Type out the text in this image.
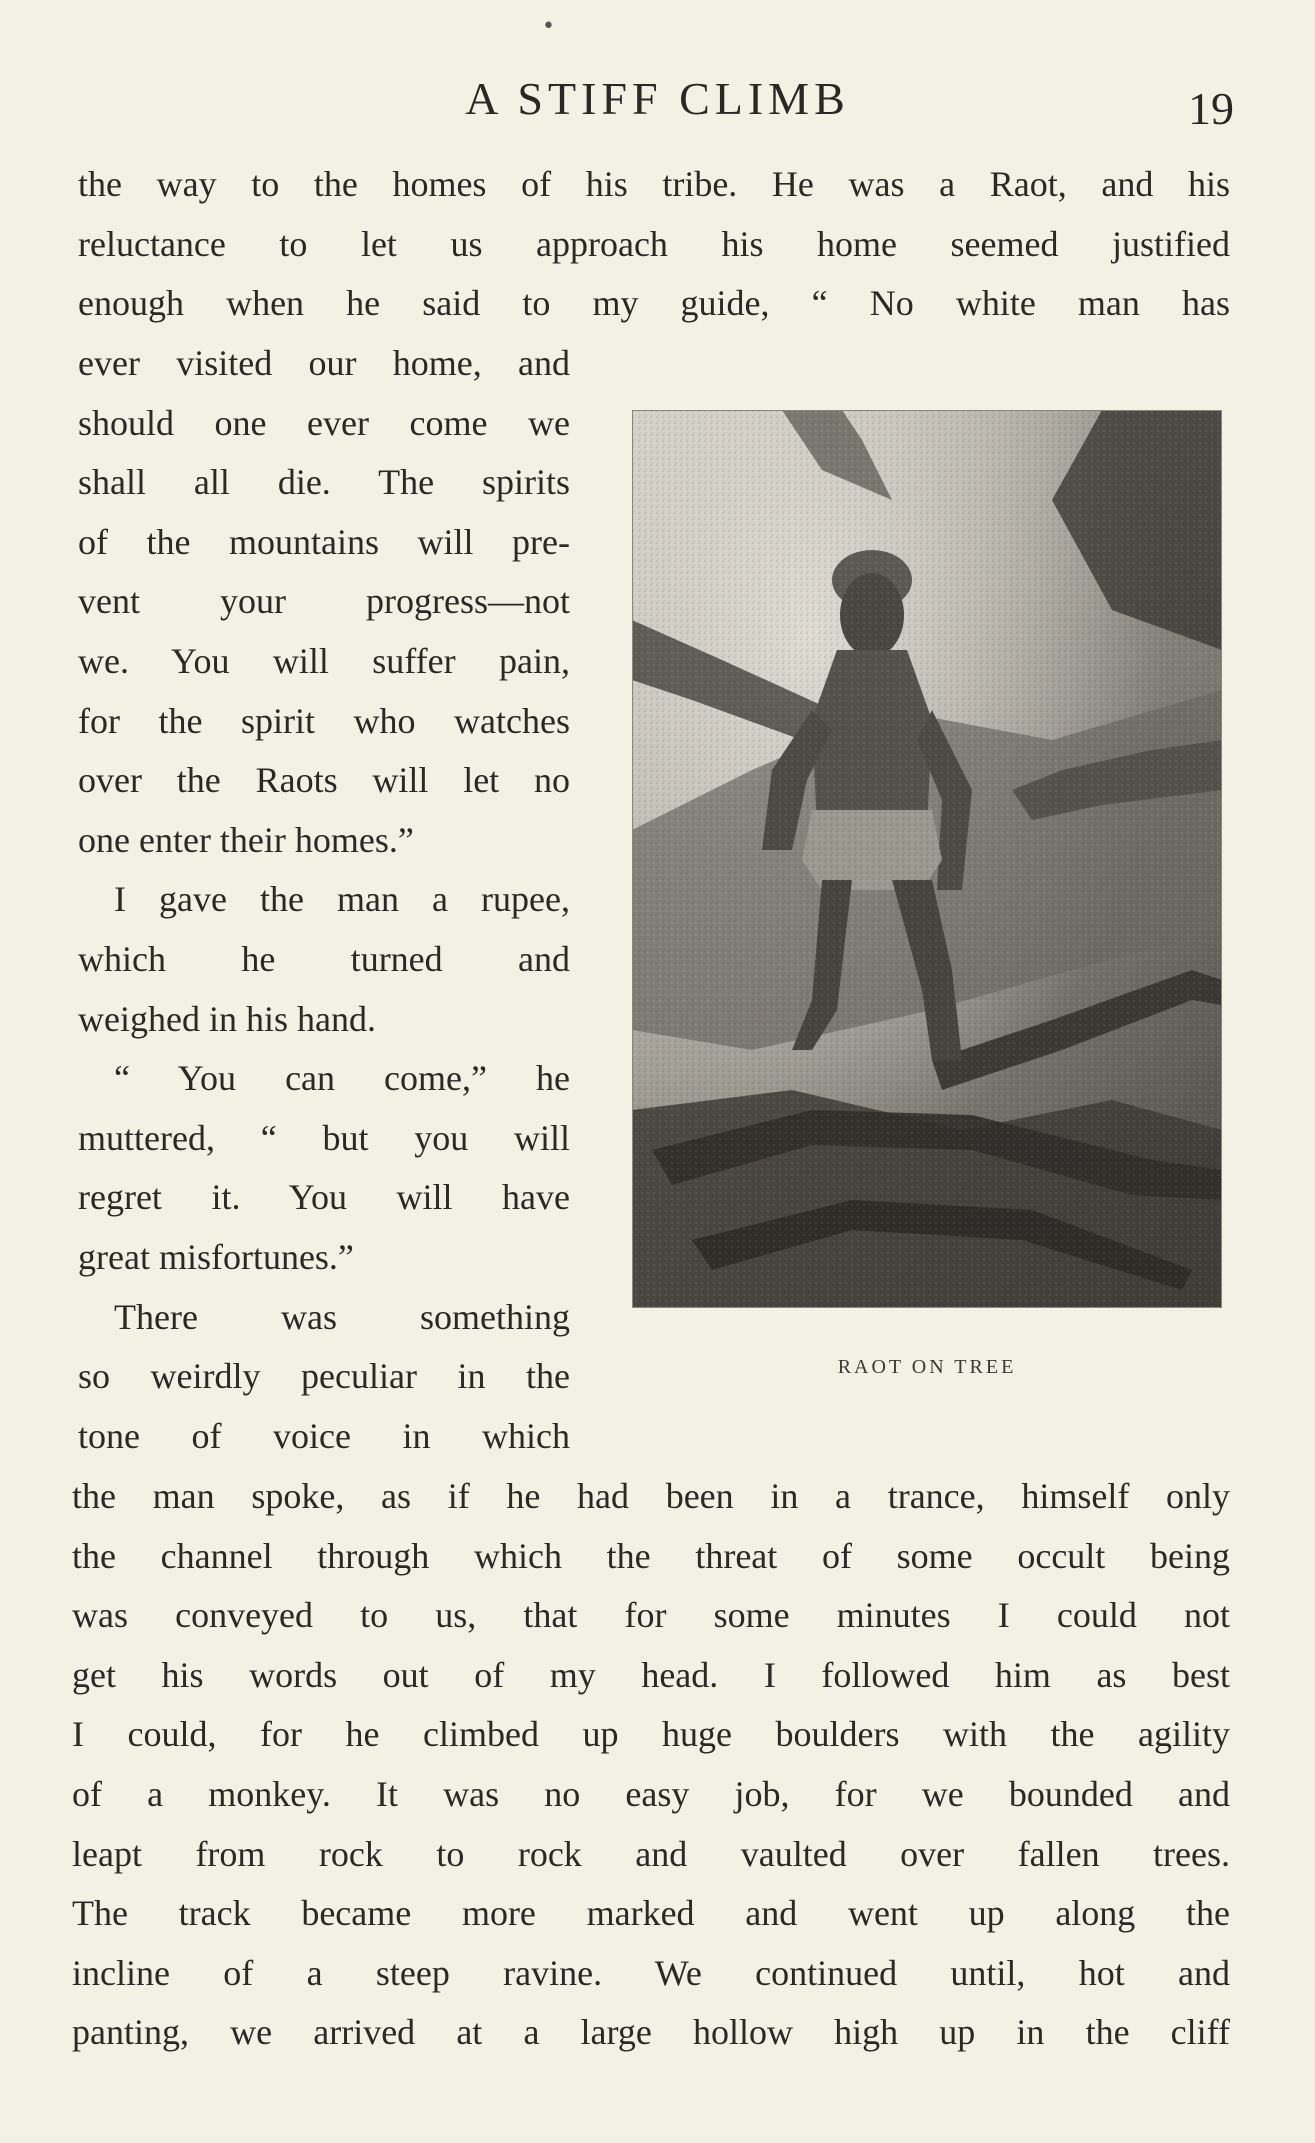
•
A STIFF CLIMB	19
the way to the homes of his tribe. He was a Raot, and his
reluctance to let us approach his home seemed justified
enough when he said to my guide, “ No white man has
ever visited our home, and
should one ever come we
shall all die. The spirits
of the mountains will pre-
vent your progress—not
we. You will suffer pain,
for the spirit who watches
over the Raots will let no
one enter their homes.”
 I gave the man a rupee,
which he turned and
weighed in his hand.
 “ You can come,” he
muttered, “ but you will
regret it. You will have
great misfortunes.”
 There was something
so weirdly peculiar in the
tone of voice in which
RAOT ON TREE
the man spoke, as if he had been in a trance, himself only
the channel through which the threat of some occult being
was conveyed to us, that for some minutes I could not
get his words out of my head. I followed him as best
I could, for he climbed up huge boulders with the agility
of a monkey. It was no easy job, for we bounded and
leapt from rock to rock and vaulted over fallen trees.
The track became more marked and went up along the
incline of a steep ravine. We continued until, hot and
panting, we arrived at a large hollow high up in the cliff
